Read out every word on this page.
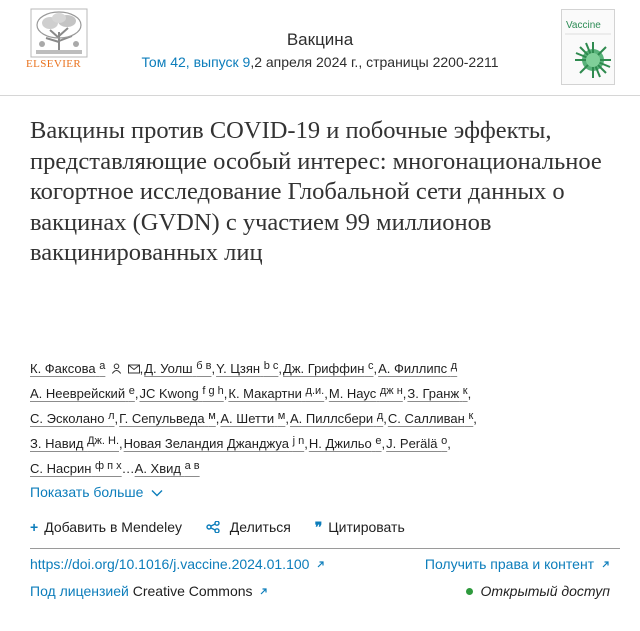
ELSEVIER
Вакцина
Том 42, выпуск 9,2 апреля 2024 г., страницы 2200-2211
Vaccine
Вакцины против COVID-19 и побочные эффекты, представляющие особый интерес: многонациональное когортное исследование Глобальной сети данных о вакцинах (GVDN) с участием 99 миллионов вакцинированных лиц
К. Факсова $^a$	,Д. Уолш $^{б в}$,Y. Цзян $^{b с}$,Дж. Гриффин $^с$,А. Филлипс $^д$
А. Нееврейский $^е$,JC Kwong $^{f g h}$,К. Макартни $^{д.и.}$,М. Наус $^{дж н}$,З. Гранж $^к$,
С. Эсколано $^л$,Г. Сепульведа $^м$,А. Шетти $^м$,А. Пиллсбери $^д$,С. Салливан $^к$,
З. Навид $^{Дж. Н.}$,Новая Зеландия Джанджуа $^{j n}$,Н. Джильо $^е$,J. Perälä $^о$,
С. Насрин $^{ф п х}$…А. Хвид $^{а в}$
Показать больше
+ Добавить в Mendeley	Делиться ❞ Цитировать
https://doi.org/10.1016/j.vaccine.2024.01.100	Получить права и контент
Под лицензией Creative Commons	Открытый доступ
